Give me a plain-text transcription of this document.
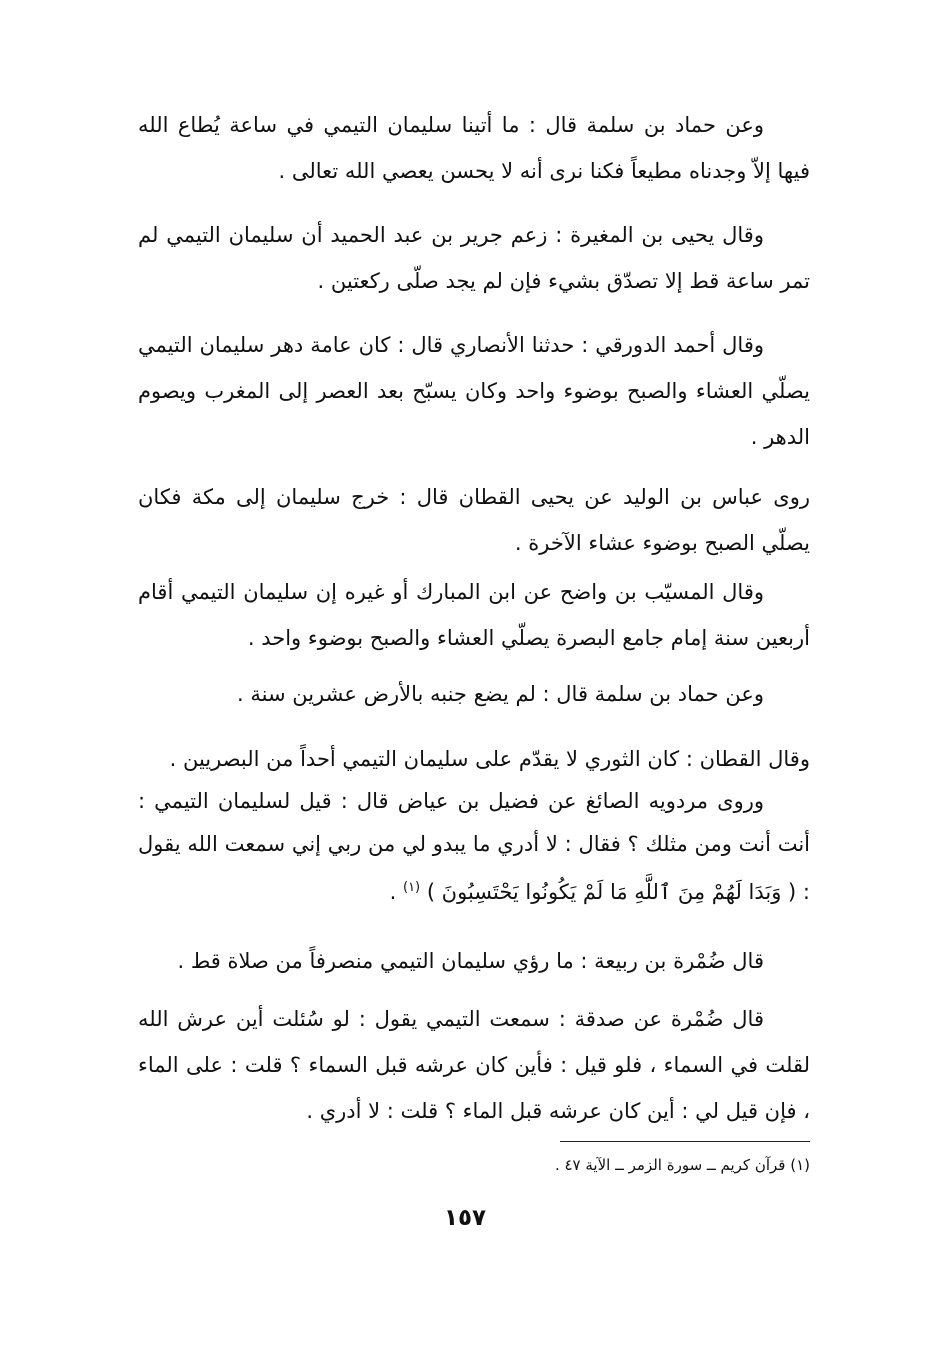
وعن حماد بن سلمة قال : ما أتينا سليمان التيمي في ساعة يُطاع الله فيها إلاّ وجدناه مطيعاً فكنا نرى أنه لا يحسن يعصي الله تعالى .
وقال يحيى بن المغيرة : زعم جرير بن عبد الحميد أن سليمان التيمي لم تمر ساعة قط إلا تصدّق بشيء فإن لم يجد صلّى ركعتين .
وقال أحمد الدورقي : حدثنا الأنصاري قال : كان عامة دهر سليمان التيمي يصلّي العشاء والصبح بوضوء واحد وكان يسبّح بعد العصر إلى المغرب ويصوم الدهر .
روى عباس بن الوليد عن يحيى القطان قال : خرج سليمان إلى مكة فكان يصلّي الصبح بوضوء عشاء الآخرة .
وقال المسيّب بن واضح عن ابن المبارك أو غيره إن سليمان التيمي أقام أربعين سنة إمام جامع البصرة يصلّي العشاء والصبح بوضوء واحد .
وعن حماد بن سلمة قال : لم يضع جنبه بالأرض عشرين سنة .
وقال القطان : كان الثوري لا يقدّم على سليمان التيمي أحداً من البصريين .
وروى مردويه الصائغ عن فضيل بن عياض قال : قيل لسليمان التيمي : أنت أنت ومن مثلك ؟ فقال : لا أدري ما يبدو لي من ربي إني سمعت الله يقول : ( وَبَدَا لَهُمْ مِنَ ٱللَّهِ مَا لَمْ يَكُونُوا يَحْتَسِبُونَ ) $^{(١)}$ .
قال ضُمْرة بن ربيعة : ما رؤي سليمان التيمي منصرفاً من صلاة قط .
قال ضُمْرة عن صدقة : سمعت التيمي يقول : لو سُئلت أين عرش الله لقلت في السماء ، فلو قيل : فأين كان عرشه قبل السماء ؟ قلت : على الماء ، فإن قيل لي : أين كان عرشه قبل الماء ؟ قلت : لا أدري .
(١) قرآن كريم ــ سورة الزمر ــ الآية ٤٧ .
١٥٧
